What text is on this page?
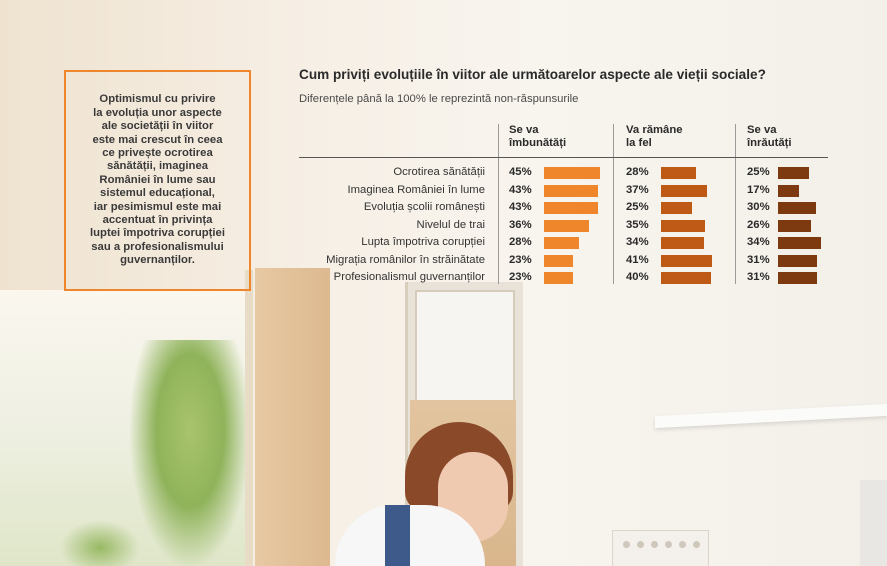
Optimismul cu privire
la evoluția unor aspecte
ale societății în viitor
este mai crescut în ceea
ce privește ocrotirea
sănătății, imaginea
României în lume sau
sistemul educațional,
iar pesimismul este mai
accentuat în privința
luptei împotriva corupției
sau a profesionalismului
guvernanților.

Cum priviți evoluțiile în viitor ale următoarelor aspecte ale vieții sociale?

Diferențele până la 100% le reprezintă non-răspunsurile

Se va
îmbunătăți
Va rămâne
la fel
Se va
înrăutăți
Ocrotirea sănătății 45%	28%	25%
Imaginea României în lume 43%	37%	17%
Evoluția școlii românești 43%	25%	30%
Nivelul de trai 36%	35%	26%
Lupta împotriva corupției 28%	34%	34%
Migrația românilor în străinătate 23%	41%	31%
Profesionalismul guvernanților 23%	40%	31%
